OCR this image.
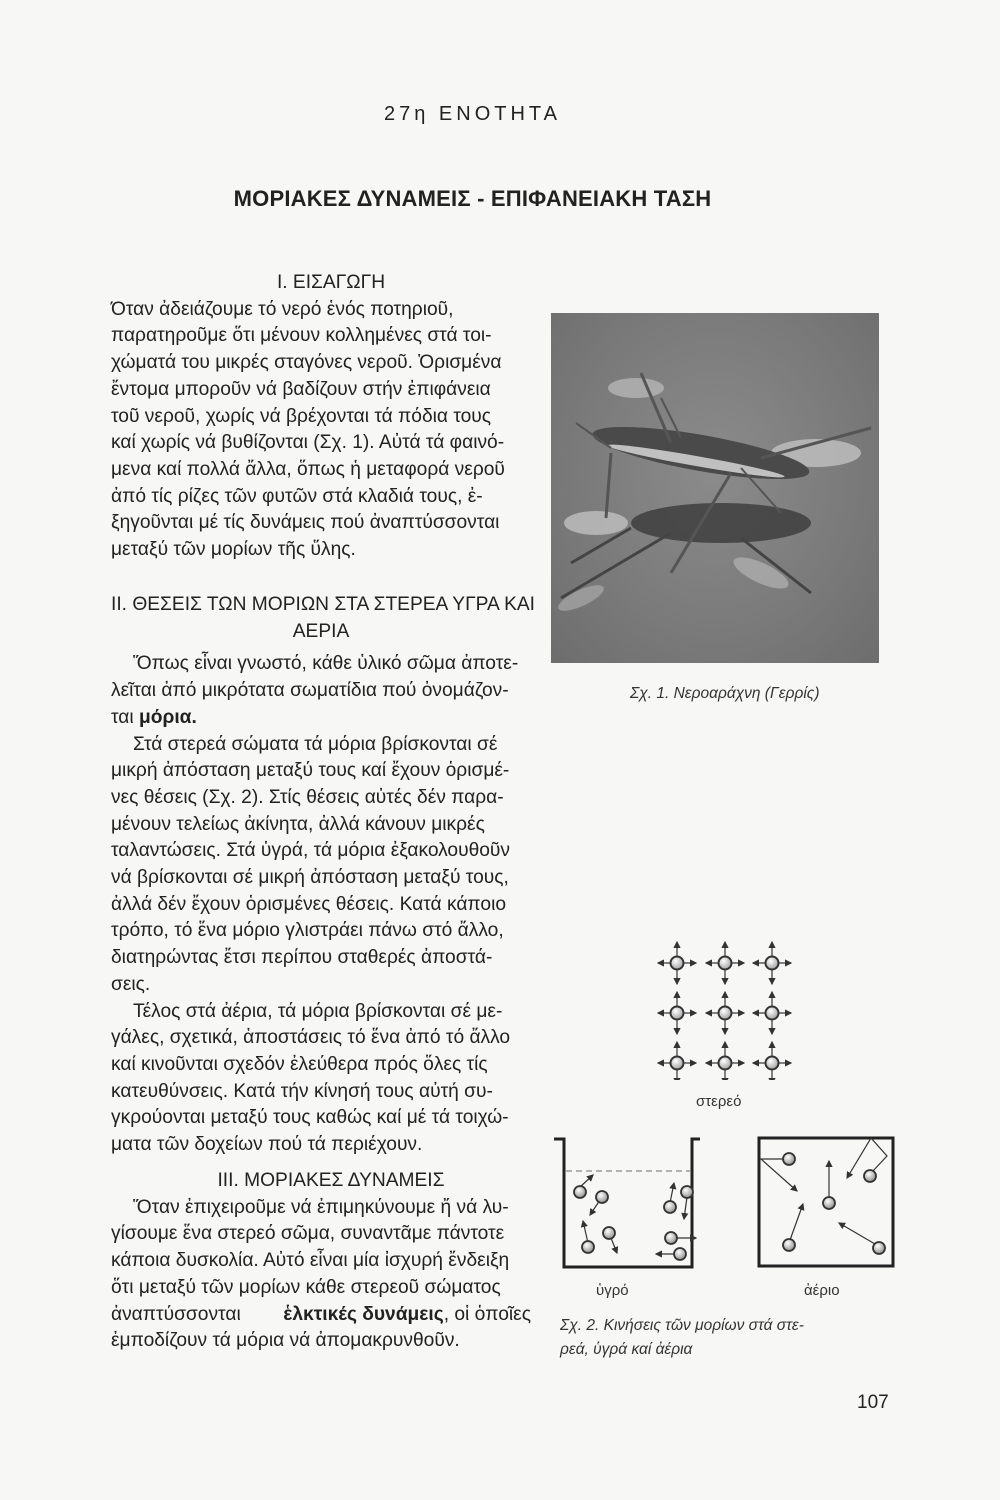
27η ΕΝΟΤΗΤΑ
ΜΟΡΙΑΚΕΣ ΔΥΝΑΜΕΙΣ - ΕΠΙΦΑΝΕΙΑΚΗ ΤΑΣΗ
Ι. ΕΙΣΑΓΩΓΗ
Όταν ἀδειάζουμε τό νερό ἑνός ποτηριοῦ,
παρατηροῦμε ὅτι μένουν κολλημένες στά τοι-
χώματά του μικρές σταγόνες νεροῦ. Ὁρισμένα
ἔντομα μποροῦν νά βαδίζουν στήν ἐπιφάνεια
τοῦ νεροῦ, χωρίς νά βρέχονται τά πόδια τους
καί χωρίς νά βυθίζονται (Σχ. 1). Αὐτά τά φαινό-
μενα καί πολλά ἄλλα, ὅπως ἡ μεταφορά νεροῦ
ἀπό τίς ρίζες τῶν φυτῶν στά κλαδιά τους, ἐ-
ξηγοῦνται μέ τίς δυνάμεις πού ἀναπτύσσονται
μεταξύ τῶν μορίων τῆς ὕλης.
ΙΙ. ΘΕΣΕΙΣ ΤΩΝ ΜΟΡΙΩΝ ΣΤΑ ΣΤΕΡΕΑ ΥΓΡΑ ΚΑΙ
ΑΕΡΙΑ
Ὅπως εἶναι γνωστό, κάθε ὑλικό σῶμα ἀποτε-
λεῖται ἀπό μικρότατα σωματίδια πού ὀνομάζον-
ται
μόρια.
Στά στερεά σώματα τά μόρια βρίσκονται σέ
μικρή ἀπόσταση μεταξύ τους καί ἔχουν ὁρισμέ-
νες θέσεις (Σχ. 2). Στίς θέσεις αὐτές δέν παρα-
μένουν τελείως ἀκίνητα, ἀλλά κάνουν μικρές
ταλαντώσεις. Στά ὑγρά, τά μόρια ἐξακολουθοῦν
νά βρίσκονται σέ μικρή ἀπόσταση μεταξύ τους,
ἀλλά δέν ἔχουν ὁρισμένες θέσεις. Κατά κάποιο
τρόπο, τό ἕνα μόριο γλιστράει πάνω στό ἄλλο,
διατηρώντας ἔτσι περίπου σταθερές ἀποστά-
σεις.
Τέλος στά ἀέρια, τά μόρια βρίσκονται σέ με-
γάλες, σχετικά, ἀποστάσεις τό ἕνα ἀπό τό ἄλλο
καί κινοῦνται σχεδόν ἐλεύθερα πρός ὅλες τίς
κατευθύνσεις. Κατά τήν κίνησή τους αὐτή συ-
γκρούονται μεταξύ τους καθώς καί μέ τά τοιχώ-
ματα τῶν δοχείων πού τά περιέχουν.
ΙΙΙ. ΜΟΡΙΑΚΕΣ ΔΥΝΑΜΕΙΣ
Ὅταν ἐπιχειροῦμε νά ἐπιμηκύνουμε ἤ νά λυ-
γίσουμε ἕνα στερεό σῶμα, συναντᾶμε πάντοτε
κάποια δυσκολία. Αὐτό εἶναι μία ἰσχυρή ἔνδειξη
ὅτι μεταξύ τῶν μορίων κάθε στερεοῦ σώματος
ἀναπτύσσονται ἑλκτικές δυνάμεις, οἱ ὁποῖες
ἐμποδίζουν τά μόρια νά ἀπομακρυνθοῦν.
Σχ. 1. Νεροαράχνη (Γερρίς)
στερεό
ὑγρό	ἀέριο
Σχ. 2. Κινήσεις τῶν μορίων στά στε-
ρεά, ὑγρά καί ἀέρια
107
